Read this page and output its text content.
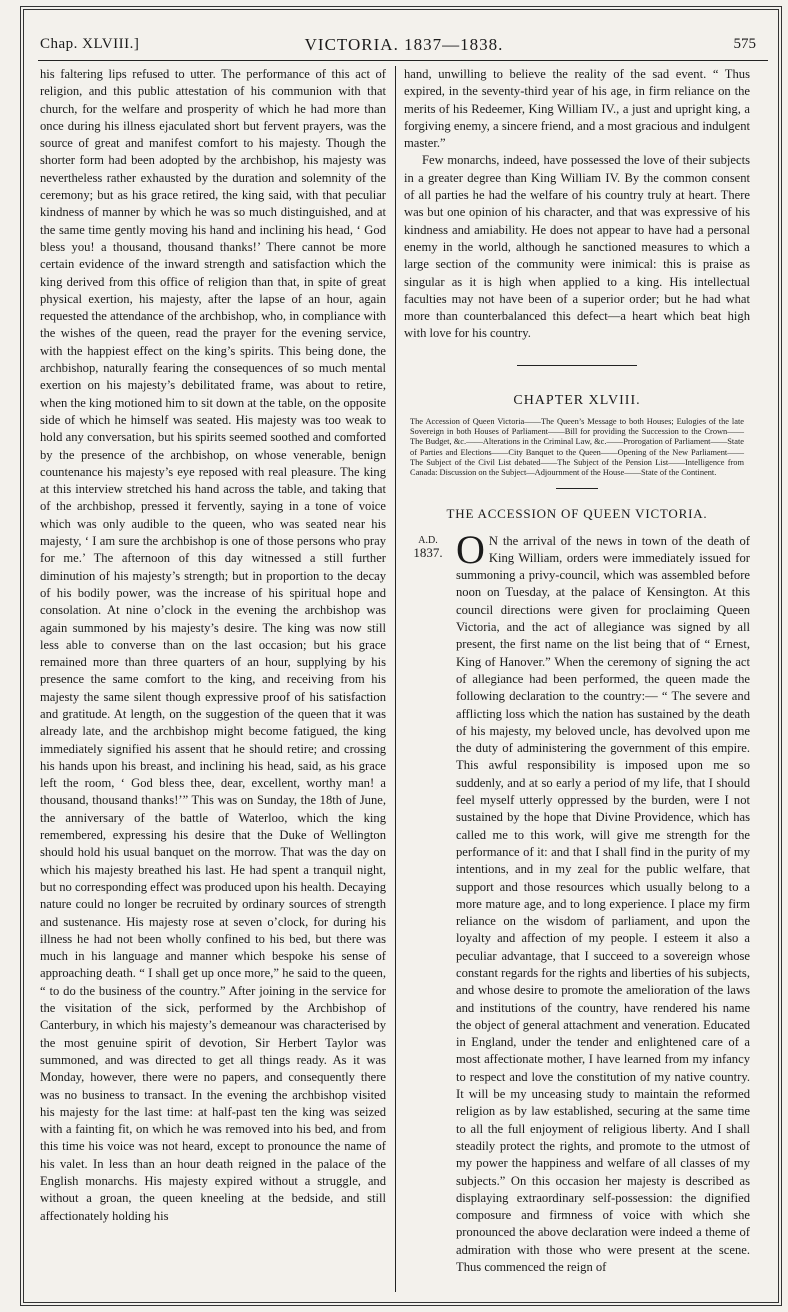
Chap. XLVIII.]	VICTORIA. 1837—1838.	575

his faltering lips refused to utter. The performance of this act of religion, and this public attestation of his communion with that church, for the welfare and prosperity of which he had more than once during his illness ejaculated short but fervent prayers, was the source of great and manifest comfort to his majesty. Though the shorter form had been adopted by the archbishop, his majesty was nevertheless rather exhausted by the duration and solemnity of the ceremony; but as his grace retired, the king said, with that peculiar kindness of manner by which he was so much distinguished, and at the same time gently moving his hand and inclining his head, ‘ God bless you! a thousand, thousand thanks!’ There cannot be more certain evidence of the inward strength and satisfaction which the king derived from this office of religion than that, in spite of great physical exertion, his majesty, after the lapse of an hour, again requested the attendance of the archbishop, who, in compliance with the wishes of the queen, read the prayer for the evening service, with the happiest effect on the king’s spirits. This being done, the archbishop, naturally fearing the consequences of so much mental exertion on his majesty’s debilitated frame, was about to retire, when the king motioned him to sit down at the table, on the opposite side of which he himself was seated. His majesty was too weak to hold any conversation, but his spirits seemed soothed and comforted by the presence of the archbishop, on whose venerable, benign countenance his majesty’s eye reposed with real pleasure. The king at this interview stretched his hand across the table, and taking that of the archbishop, pressed it fervently, saying in a tone of voice which was only audible to the queen, who was seated near his majesty, ‘ I am sure the archbishop is one of those persons who pray for me.’ The afternoon of this day witnessed a still further diminution of his majesty’s strength; but in proportion to the decay of his bodily power, was the increase of his spiritual hope and consolation. At nine o’clock in the evening the archbishop was again summoned by his majesty’s desire. The king was now still less able to converse than on the last occasion; but his grace remained more than three quarters of an hour, supplying by his presence the same comfort to the king, and receiving from his majesty the same silent though expressive proof of his satisfaction and gratitude. At length, on the suggestion of the queen that it was already late, and the archbishop might become fatigued, the king immediately signified his assent that he should retire; and crossing his hands upon his breast, and inclining his head, said, as his grace left the room, ‘ God bless thee, dear, excellent, worthy man! a thousand, thousand thanks!’” This was on Sunday, the 18th of June, the anniversary of the battle of Waterloo, which the king remembered, expressing his desire that the Duke of Wellington should hold his usual banquet on the morrow. That was the day on which his majesty breathed his last. He had spent a tranquil night, but no corresponding effect was produced upon his health. Decaying nature could no longer be recruited by ordinary sources of strength and sustenance. His majesty rose at seven o’clock, for during his illness he had not been wholly confined to his bed, but there was much in his language and manner which bespoke his sense of approaching death. “ I shall get up once more,” he said to the queen, “ to do the business of the country.” After joining in the service for the visitation of the sick, performed by the Archbishop of Canterbury, in which his majesty’s demeanour was characterised by the most genuine spirit of devotion, Sir Herbert Taylor was summoned, and was directed to get all things ready. As it was Monday, however, there were no papers, and consequently there was no business to transact. In the evening the archbishop visited his majesty for the last time: at half-past ten the king was seized with a fainting fit, on which he was removed into his bed, and from this time his voice was not heard, except to pronounce the name of his valet. In less than an hour death reigned in the palace of the English monarchs. His majesty expired without a struggle, and without a groan, the queen kneeling at the bedside, and still affectionately holding his

hand, unwilling to believe the reality of the sad event. “ Thus expired, in the seventy-third year of his age, in firm reliance on the merits of his Redeemer, King William IV., a just and upright king, a forgiving enemy, a sincere friend, and a most gracious and indulgent master.”

Few monarchs, indeed, have possessed the love of their subjects in a greater degree than King William IV. By the common consent of all parties he had the welfare of his country truly at heart. There was but one opinion of his character, and that was expressive of his kindness and amiability. He does not appear to have had a personal enemy in the world, although he sanctioned measures to which a large section of the community were inimical: this is praise as singular as it is high when applied to a king. His intellectual faculties may not have been of a superior order; but he had what more than counterbalanced this defect—a heart which beat high with love for his country.

CHAPTER XLVIII.
The Accession of Queen Victoria——The Queen’s Message to both Houses; Eulogies of the late Sovereign in both Houses of Parliament——Bill for providing the Succession to the Crown——The Budget, &c.——Alterations in the Criminal Law, &c.——Prorogation of Parliament——State of Parties and Elections——City Banquet to the Queen——Opening of the New Parliament——The Subject of the Civil List debated——The Subject of the Pension List——Intelligence from Canada: Discussion on the Subject—Adjournment of the House——State of the Continent.
THE ACCESSION OF QUEEN VICTORIA.
A.D.
1837. O N the arrival of the news in town of the death of King William, orders were immediately issued for summoning a privy-council, which was assembled before noon on Tuesday, at the palace of Kensington. At this council directions were given for proclaiming Queen Victoria, and the act of allegiance was signed by all present, the first name on the list being that of “ Ernest, King of Hanover.” When the ceremony of signing the act of allegiance had been performed, the queen made the following declaration to the country:— “ The severe and afflicting loss which the nation has sustained by the death of his majesty, my beloved uncle, has devolved upon me the duty of administering the government of this empire. This awful responsibility is imposed upon me so suddenly, and at so early a period of my life, that I should feel myself utterly oppressed by the burden, were I not sustained by the hope that Divine Providence, which has called me to this work, will give me strength for the performance of it: and that I shall find in the purity of my intentions, and in my zeal for the public welfare, that support and those resources which usually belong to a more mature age, and to long experience. I place my firm reliance on the wisdom of parliament, and upon the loyalty and affection of my people. I esteem it also a peculiar advantage, that I succeed to a sovereign whose constant regards for the rights and liberties of his subjects, and whose desire to promote the amelioration of the laws and institutions of the country, have rendered his name the object of general attachment and veneration. Educated in England, under the tender and enlightened care of a most affectionate mother, I have learned from my infancy to respect and love the constitution of my native country. It will be my unceasing study to maintain the reformed religion as by law established, securing at the same time to all the full enjoyment of religious liberty. And I shall steadily protect the rights, and promote to the utmost of my power the happiness and welfare of all classes of my subjects.” On this occasion her majesty is described as displaying extraordinary self-possession: the dignified composure and firmness of voice with which she pronounced the above declaration were indeed a theme of admiration with those who were present at the scene. Thus commenced the reign of
